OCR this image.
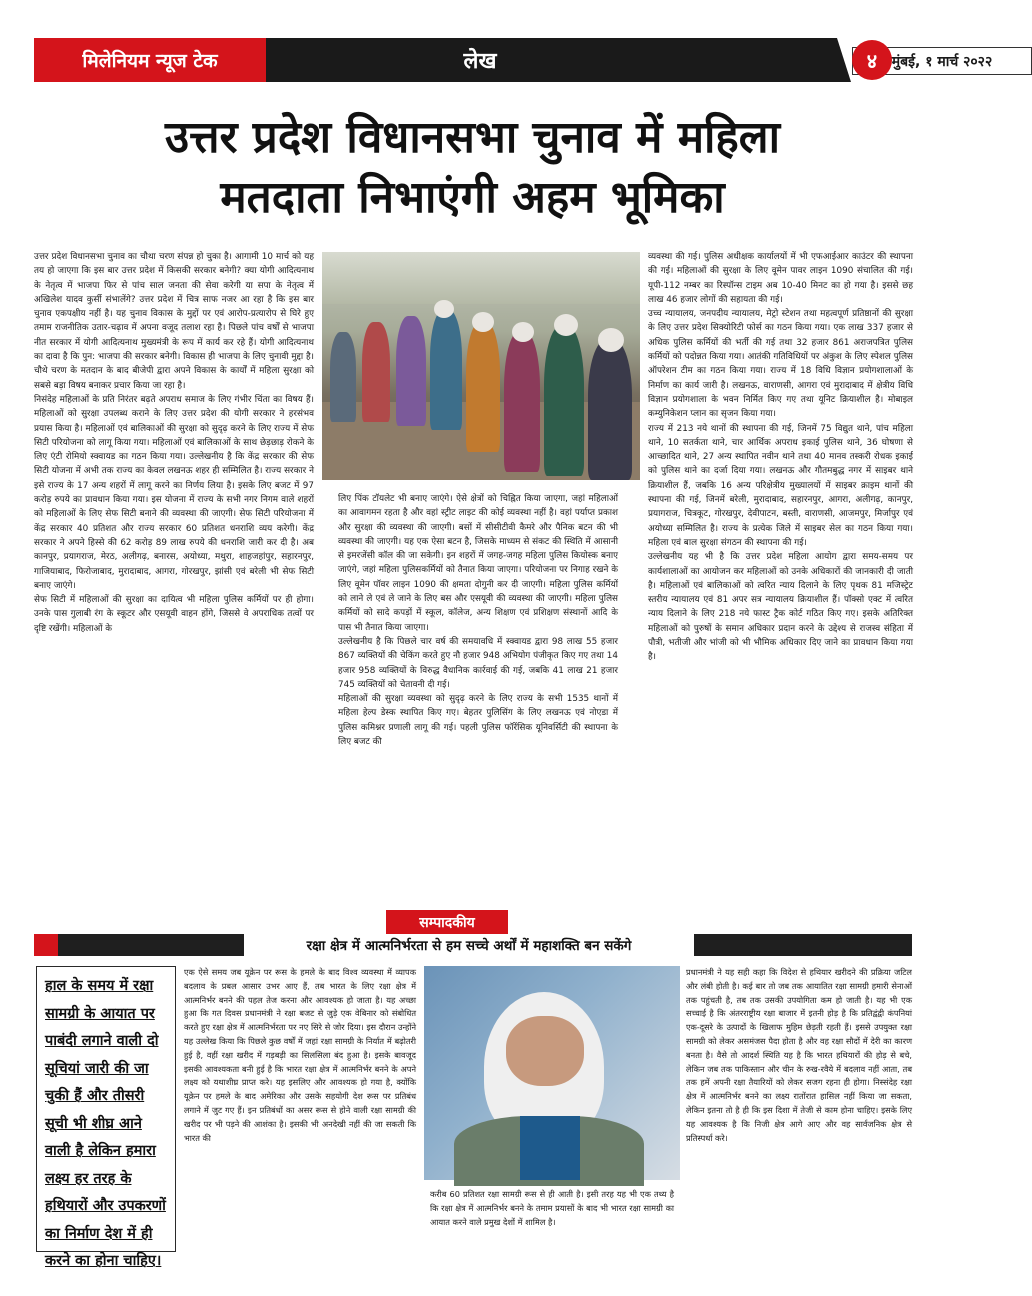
मिलेनियम न्यूज टेक	लेख	मुंबई, १ मार्च २०२२
४
उत्तर प्रदेश विधानसभा चुनाव में महिला
मतदाता निभाएंगी अहम भूमिका

उत्तर प्रदेश विधानसभा चुनाव का चौथा चरण संपन्न हो चुका है। आगामी 10 मार्च को यह तय हो जाएगा कि इस बार उत्तर प्रदेश में किसकी सरकार बनेगी? क्या योगी आदित्यनाथ के नेतृत्व में भाजपा फिर से पांच साल जनता की सेवा करेगी या सपा के नेतृत्व में अखिलेश यादव कुर्सी संभालेंगे? उत्तर प्रदेश में चित्र साफ नजर आ रहा है कि इस बार चुनाव एकपक्षीय नहीं है। यह चुनाव विकास के मुद्दों पर एवं आरोप-प्रत्यारोप से घिरे हुए तमाम राजनीतिक उतार-चढ़ाव में अपना वजूद तलाश रहा है। पिछले पांच वर्षों से भाजपा नीत सरकार में योगी आदित्यनाथ मुख्यमंत्री के रूप में कार्य कर रहे हैं। योगी आदित्यनाथ का दावा है कि पुन: भाजपा की सरकार बनेगी। विकास ही भाजपा के लिए चुनावी मुद्दा है। चौथे चरण के मतदान के बाद बीजेपी द्वारा अपने विकास के कार्यों में महिला सुरक्षा को सबसे बड़ा विषय बनाकर प्रचार किया जा रहा है।

निसंदेह महिलाओं के प्रति निरंतर बढ़ते अपराध समाज के लिए गंभीर चिंता का विषय हैं। महिलाओं को सुरक्षा उपलब्ध कराने के लिए उत्तर प्रदेश की योगी सरकार ने हरसंभव प्रयास किया है। महिलाओं एवं बालिकाओं की सुरक्षा को सुदृढ़ करने के लिए राज्य में सेफ सिटी परियोजना को लागू किया गया। महिलाओं एवं बालिकाओं के साथ छेड़छाड़ रोकने के लिए एंटी रोमियो स्क्वायड का गठन किया गया। उल्लेखनीय है कि केंद्र सरकार की सेफ सिटी योजना में अभी तक राज्य का केवल लखनऊ शहर ही सम्मिलित है। राज्य सरकार ने इसे राज्य के 17 अन्य शहरों में लागू करने का निर्णय लिया है। इसके लिए बजट में 97 करोड़ रुपये का प्रावधान किया गया। इस योजना में राज्य के सभी नगर निगम वाले शहरों को महिलाओं के लिए सेफ सिटी बनाने की व्यवस्था की जाएगी। सेफ सिटी परियोजना में केंद्र सरकार 40 प्रतिशत और राज्य सरकार 60 प्रतिशत धनराशि व्यय करेगी। केंद्र सरकार ने अपने हिस्से की 62 करोड़ 89 लाख रुपये की धनराशि जारी कर दी है। अब कानपुर, प्रयागराज, मेरठ, अलीगढ़, बनारस, अयोध्या, मथुरा, शाहजहांपुर, सहारनपुर, गाजियाबाद, फिरोजाबाद, मुरादाबाद, आगरा, गोरखपुर, झांसी एवं बरेली भी सेफ सिटी बनाए जाएंगे।

सेफ सिटी में महिलाओं की सुरक्षा का दायित्व भी महिला पुलिस कर्मियों पर ही होगा। उनके पास गुलाबी रंग के स्कूटर और एसयूवी वाहन होंगे, जिससे वे अपराधिक तत्वों पर दृष्टि रखेंगी। महिलाओं के

लिए पिंक टॉयलेट भी बनाए जाएंगे। ऐसे क्षेत्रों को चिह्नित किया जाएगा, जहां महिलाओं का आवागमन रहता है और वहां स्ट्रीट लाइट की कोई व्यवस्था नहीं है। वहां पर्याप्त प्रकाश और सुरक्षा की व्यवस्था की जाएगी। बसों में सीसीटीवी कैमरे और पैनिक बटन की भी व्यवस्था की जाएगी। यह एक ऐसा बटन है, जिसके माध्यम से संकट की स्थिति में आसानी से इमरजेंसी कॉल की जा सकेगी। इन शहरों में जगह-जगह महिला पुलिस कियोस्क बनाए जाएंगे, जहां महिला पुलिसकर्मियों को तैनात किया जाएगा। परियोजना पर निगाह रखने के लिए वूमेन पॉवर लाइन 1090 की क्षमता दोगुनी कर दी जाएगी। महिला पुलिस कर्मियों को लाने ले एवं ले जाने के लिए बस और एसयूवी की व्यवस्था की जाएगी। महिला पुलिस कर्मियों को सादे कपड़ों में स्कूल, कॉलेज, अन्य शिक्षण एवं प्रशिक्षण संस्थानों आदि के पास भी तैनात किया जाएगा।

उल्लेखनीय है कि पिछले चार वर्ष की समयावधि में स्क्वायड द्वारा 98 लाख 55 हजार 867 व्यक्तियों की चेकिंग करते हुए नौ हजार 948 अभियोग पंजीकृत किए गए तथा 14 हजार 958 व्यक्तियों के विरुद्ध वैधानिक कार्रवाई की गई, जबकि 41 लाख 21 हजार 745 व्यक्तियों को चेतावनी दी गई।

महिलाओं की सुरक्षा व्यवस्था को सुदृढ़ करने के लिए राज्य के सभी 1535 थानों में महिला हेल्प डेस्क स्थापित किए गए। बेहतर पुलिसिंग के लिए लखनऊ एवं नोएडा में पुलिस कमिश्नर प्रणाली लागू की गई। पहली पुलिस फॉरेंसिक यूनिवर्सिटी की स्थापना के लिए बजट की

व्यवस्था की गई। पुलिस अधीक्षक कार्यालयों में भी एफआईआर काउंटर की स्थापना की गई। महिलाओं की सुरक्षा के लिए वूमेन पावर लाइन 1090 संचालित की गई। यूपी-112 नम्बर का रिस्पॉन्स टाइम अब 10-40 मिनट का हो गया है। इससे छह लाख 46 हजार लोगों की सहायता की गई।

उच्च न्यायालय, जनपदीय न्यायालय, मेट्रो स्टेशन तथा महत्वपूर्ण प्रतिष्ठानों की सुरक्षा के लिए उत्तर प्रदेश सिक्योरिटी फोर्स का गठन किया गया। एक लाख 337 हजार से अधिक पुलिस कर्मियों की भर्ती की गई तथा 32 हजार 861 अराजपत्रित पुलिस कर्मियों को पदोन्नत किया गया। आतंकी गतिविधियों पर अंकुश के लिए स्पेशल पुलिस ऑपरेशन टीम का गठन किया गया। राज्य में 18 विधि विज्ञान प्रयोगशालाओं के निर्माण का कार्य जारी है। लखनऊ, वाराणसी, आगरा एवं मुरादाबाद में क्षेत्रीय विधि विज्ञान प्रयोगशाला के भवन निर्मित किए गए तथा यूनिट क्रियाशील है। मोबाइल कम्युनिकेशन प्लान का सृजन किया गया।

राज्य में 213 नये थानों की स्थापना की गई, जिनमें 75 विद्युत थाने, पांच महिला थाने, 10 सतर्कता थाने, चार आर्थिक अपराध इकाई पुलिस थाने, 36 घोषणा से आच्छादित थाने, 27 अन्य स्थापित नवीन थाने तथा 40 मानव तस्करी रोधक इकाई को पुलिस थाने का दर्जा दिया गया। लखनऊ और गौतमबुद्ध नगर में साइबर थाने क्रियाशील हैं, जबकि 16 अन्य परिक्षेत्रीय मुख्यालयों में साइबर क्राइम थानों की स्थापना की गई, जिनमें बरेली, मुरादाबाद, सहारनपुर, आगरा, अलीगढ़, कानपुर, प्रयागराज, चित्रकूट, गोरखपुर, देवीपाटन, बस्ती, वाराणसी, आजमपुर, मिर्जापुर एवं अयोध्या सम्मिलित है। राज्य के प्रत्येक जिले में साइबर सेल का गठन किया गया। महिला एवं बाल सुरक्षा संगठन की स्थापना की गई।

उल्लेखनीय यह भी है कि उत्तर प्रदेश महिला आयोग द्वारा समय-समय पर कार्यशालाओं का आयोजन कर महिलाओं को उनके अधिकारों की जानकारी दी जाती है। महिलाओं एवं बालिकाओं को त्वरित न्याय दिलाने के लिए पृथक 81 मजिस्ट्रेट स्तरीय न्यायालय एवं 81 अपर सत्र न्यायालय क्रियाशील हैं। पॉक्सो एक्ट में त्वरित न्याय दिलाने के लिए 218 नये फास्ट ट्रैक कोर्ट गठित किए गए। इसके अतिरिक्त महिलाओं को पुरुषों के समान अधिकार प्रदान करने के उद्देश्य से राजस्व संहिता में पौत्री, भतीजी और भांजी को भी भौमिक अधिकार दिए जाने का प्रावधान किया गया है।

सम्पादकीय
रक्षा क्षेत्र में आत्मनिर्भरता से हम सच्चे अर्थों में महाशक्ति बन सकेंगे
हाल के समय में रक्षा सामग्री के आयात पर पाबंदी लगाने वाली दो सूचियां जारी की जा चुकी हैं और तीसरी सूची भी शीघ्र आने वाली है लेकिन हमारा लक्ष्य हर तरह के हथियारों और उपकरणों का निर्माण देश में ही करने का होना चाहिए।

एक ऐसे समय जब यूक्रेन पर रूस के हमले के बाद विश्व व्यवस्था में व्यापक बदलाव के प्रबल आसार उभर आए हैं, तब भारत के लिए रक्षा क्षेत्र में आत्मनिर्भर बनने की पहल तेज करना और आवश्यक हो जाता है। यह अच्छा हुआ कि गत दिवस प्रधानमंत्री ने रक्षा बजट से जुड़े एक वेबिनार को संबोधित करते हुए रक्षा क्षेत्र में आत्मनिर्भरता पर नए सिरे से जोर दिया। इस दौरान उन्होंने यह उल्लेख किया कि पिछले कुछ वर्षों में जहां रक्षा सामग्री के निर्यात में बढ़ोतरी हुई है, वहीं रक्षा खरीद में गड़बड़ी का सिलसिला बंद हुआ है। इसके बावजूद इसकी आवश्यकता बनी हुई है कि भारत रक्षा क्षेत्र में आत्मनिर्भर बनने के अपने लक्ष्य को यथाशीघ्र प्राप्त करे। यह इसलिए और आवश्यक हो गया है, क्योंकि यूक्रेन पर हमले के बाद अमेरिका और उसके सहयोगी देश रूस पर प्रतिबंध लगाने में जुट गए हैं। इन प्रतिबंधों का असर रूस से होने वाली रक्षा सामग्री की खरीद पर भी पड़ने की आशंका है। इसकी भी अनदेखी नहीं की जा सकती कि भारत की

करीब 60 प्रतिशत रक्षा सामग्री रूस से ही आती है। इसी तरह यह भी एक तथ्य है कि रक्षा क्षेत्र में आत्मनिर्भर बनने के तमाम प्रयासों के बाद भी भारत रक्षा सामग्री का आयात करने वाले प्रमुख देशों में शामिल है।

प्रधानमंत्री ने यह सही कहा कि विदेश से हथियार खरीदने की प्रक्रिया जटिल और लंबी होती है। कई बार तो जब तक आयातित रक्षा सामग्री हमारी सेनाओं तक पहुंचती है, तब तक उसकी उपयोगिता कम हो जाती है। यह भी एक सच्चाई है कि अंतरराष्ट्रीय रक्षा बाजार में इतनी होड़ है कि प्रतिद्वंद्वी कंपनियां एक-दूसरे के उत्पादों के खिलाफ मुहिम छेड़ती रहती हैं। इससे उपयुक्त रक्षा सामग्री को लेकर असमंजस पैदा होता है और वह रक्षा सौदों में देरी का कारण बनता है। वैसे तो आदर्श स्थिति यह है कि भारत हथियारों की होड़ से बचे, लेकिन जब तक पाकिस्तान और चीन के रुख-रवैये में बदलाव नहीं आता, तब तक हमें अपनी रक्षा तैयारियों को लेकर सजग रहना ही होगा। निस्संदेह रक्षा क्षेत्र में आत्मनिर्भर बनने का लक्ष्य रातोंरात हासिल नहीं किया जा सकता, लेकिन इतना तो है ही कि इस दिशा में तेजी से काम होना चाहिए। इसके लिए यह आवश्यक है कि निजी क्षेत्र आगे आए और वह सार्वजनिक क्षेत्र से प्रतिस्पर्धा करे।
